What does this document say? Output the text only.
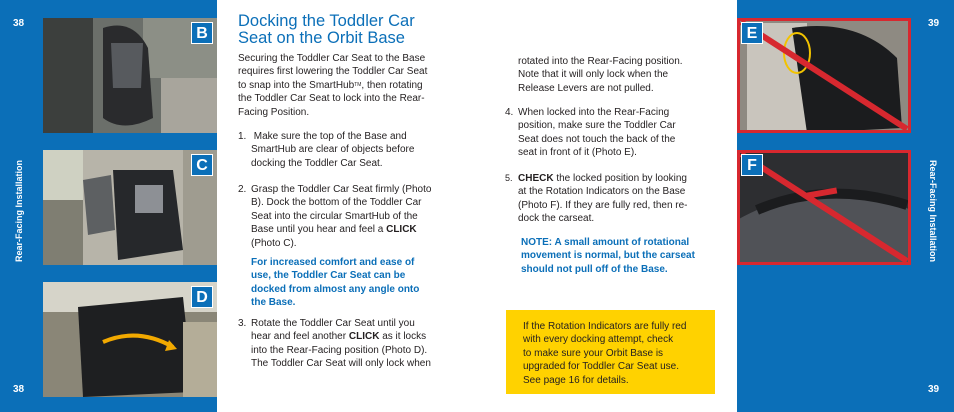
38
38
39
39
Rear-Facing Installation	Rear-Facing Installation
B
C
D
E
F
Docking the Toddler Car
Seat on the Orbit Base

Securing the Toddler Car Seat to the Base

requires first lowering the Toddler Car Seat

to snap into the SmartHub™, then rotating

the Toddler Car Seat to lock into the Rear-

Facing Position.

1. Make sure the top of the Base and

SmartHub are clear of objects before

docking the Toddler Car Seat.

2. Grasp the Toddler Car Seat firmly (Photo

B). Dock the bottom of the Toddler Car

Seat into the circular SmartHub of the

Base until you hear and feel a CLICK

(Photo C).

For increased comfort and ease of

use, the Toddler Car Seat can be

docked from almost any angle onto

the Base.

3. Rotate the Toddler Car Seat until you

hear and feel another CLICK as it locks

into the Rear-Facing position (Photo D).

The Toddler Car Seat will only lock when

rotated into the Rear-Facing position.

Note that it will only lock when the

Release Levers are not pulled.

4. When locked into the Rear-Facing

position, make sure the Toddler Car

Seat does not touch the back of the

seat in front of it (Photo E).

5. CHECK the locked position by looking

at the Rotation Indicators on the Base

(Photo F). If they are fully red, then re-

dock the carseat.

NOTE: A small amount of rotational

movement is normal, but the carseat

should not pull off of the Base.

If the Rotation Indicators are fully red

with every docking attempt, check

to make sure your Orbit Base is

upgraded for Toddler Car Seat use.

See page 16 for details.
